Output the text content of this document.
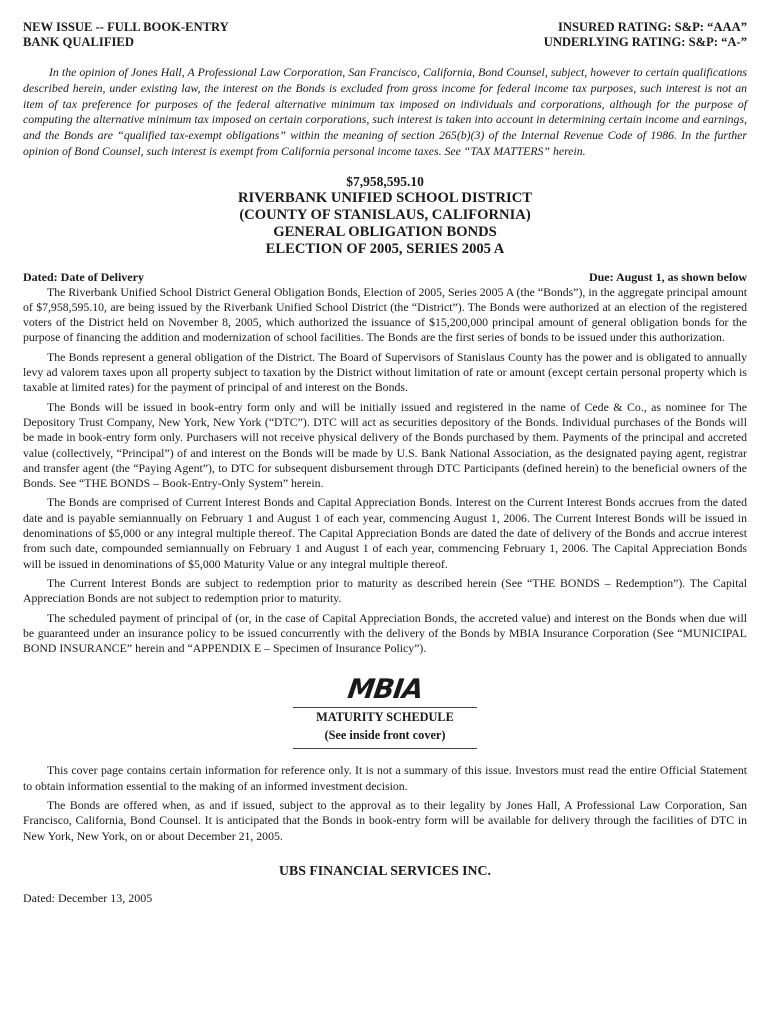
NEW ISSUE -- FULL BOOK-ENTRY
BANK QUALIFIED
INSURED RATING: S&P: “AAA”
UNDERLYING RATING: S&P: “A-”

In the opinion of Jones Hall, A Professional Law Corporation, San Francisco, California, Bond Counsel, subject, however to certain qualifications described herein, under existing law, the interest on the Bonds is excluded from gross income for federal income tax purposes, such interest is not an item of tax preference for purposes of the federal alternative minimum tax imposed on individuals and corporations, although for the purpose of computing the alternative minimum tax imposed on certain corporations, such interest is taken into account in determining certain income and earnings, and the Bonds are “qualified tax-exempt obligations” within the meaning of section 265(b)(3) of the Internal Revenue Code of 1986. In the further opinion of Bond Counsel, such interest is exempt from California personal income taxes. See “TAX MATTERS” herein.

$7,958,595.10
RIVERBANK UNIFIED SCHOOL DISTRICT
(COUNTY OF STANISLAUS, CALIFORNIA)
GENERAL OBLIGATION BONDS
ELECTION OF 2005, SERIES 2005 A
Dated: Date of Delivery	Due: August 1, as shown below

The Riverbank Unified School District General Obligation Bonds, Election of 2005, Series 2005 A (the “Bonds”), in the aggregate principal amount of $7,958,595.10, are being issued by the Riverbank Unified School District (the “District”). The Bonds were authorized at an election of the registered voters of the District held on November 8, 2005, which authorized the issuance of $15,200,000 principal amount of general obligation bonds for the purpose of financing the addition and modernization of school facilities. The Bonds are the first series of bonds to be issued under this authorization.

The Bonds represent a general obligation of the District. The Board of Supervisors of Stanislaus County has the power and is obligated to annually levy ad valorem taxes upon all property subject to taxation by the District without limitation of rate or amount (except certain personal property which is taxable at limited rates) for the payment of principal of and interest on the Bonds.

The Bonds will be issued in book-entry form only and will be initially issued and registered in the name of Cede & Co., as nominee for The Depository Trust Company, New York, New York (“DTC”). DTC will act as securities depository of the Bonds. Individual purchases of the Bonds will be made in book-entry form only. Purchasers will not receive physical delivery of the Bonds purchased by them. Payments of the principal and accreted value (collectively, “Principal”) of and interest on the Bonds will be made by U.S. Bank National Association, as the designated paying agent, registrar and transfer agent (the “Paying Agent”), to DTC for subsequent disbursement through DTC Participants (defined herein) to the beneficial owners of the Bonds. See “THE BONDS – Book-Entry-Only System” herein.

The Bonds are comprised of Current Interest Bonds and Capital Appreciation Bonds. Interest on the Current Interest Bonds accrues from the dated date and is payable semiannually on February 1 and August 1 of each year, commencing August 1, 2006. The Current Interest Bonds will be issued in denominations of $5,000 or any integral multiple thereof. The Capital Appreciation Bonds are dated the date of delivery of the Bonds and accrue interest from such date, compounded semiannually on February 1 and August 1 of each year, commencing February 1, 2006. The Capital Appreciation Bonds will be issued in denominations of $5,000 Maturity Value or any integral multiple thereof.

The Current Interest Bonds are subject to redemption prior to maturity as described herein (See “THE BONDS – Redemption”). The Capital Appreciation Bonds are not subject to redemption prior to maturity.

The scheduled payment of principal of (or, in the case of Capital Appreciation Bonds, the accreted value) and interest on the Bonds when due will be guaranteed under an insurance policy to be issued concurrently with the delivery of the Bonds by MBIA Insurance Corporation (See “MUNICIPAL BOND INSURANCE” herein and “APPENDIX E – Specimen of Insurance Policy”).

MBIA
MATURITY SCHEDULE
(See inside front cover)

This cover page contains certain information for reference only. It is not a summary of this issue. Investors must read the entire Official Statement to obtain information essential to the making of an informed investment decision.

The Bonds are offered when, as and if issued, subject to the approval as to their legality by Jones Hall, A Professional Law Corporation, San Francisco, California, Bond Counsel. It is anticipated that the Bonds in book-entry form will be available for delivery through the facilities of DTC in New York, New York, on or about December 21, 2005.

UBS FINANCIAL SERVICES INC.
Dated: December 13, 2005
